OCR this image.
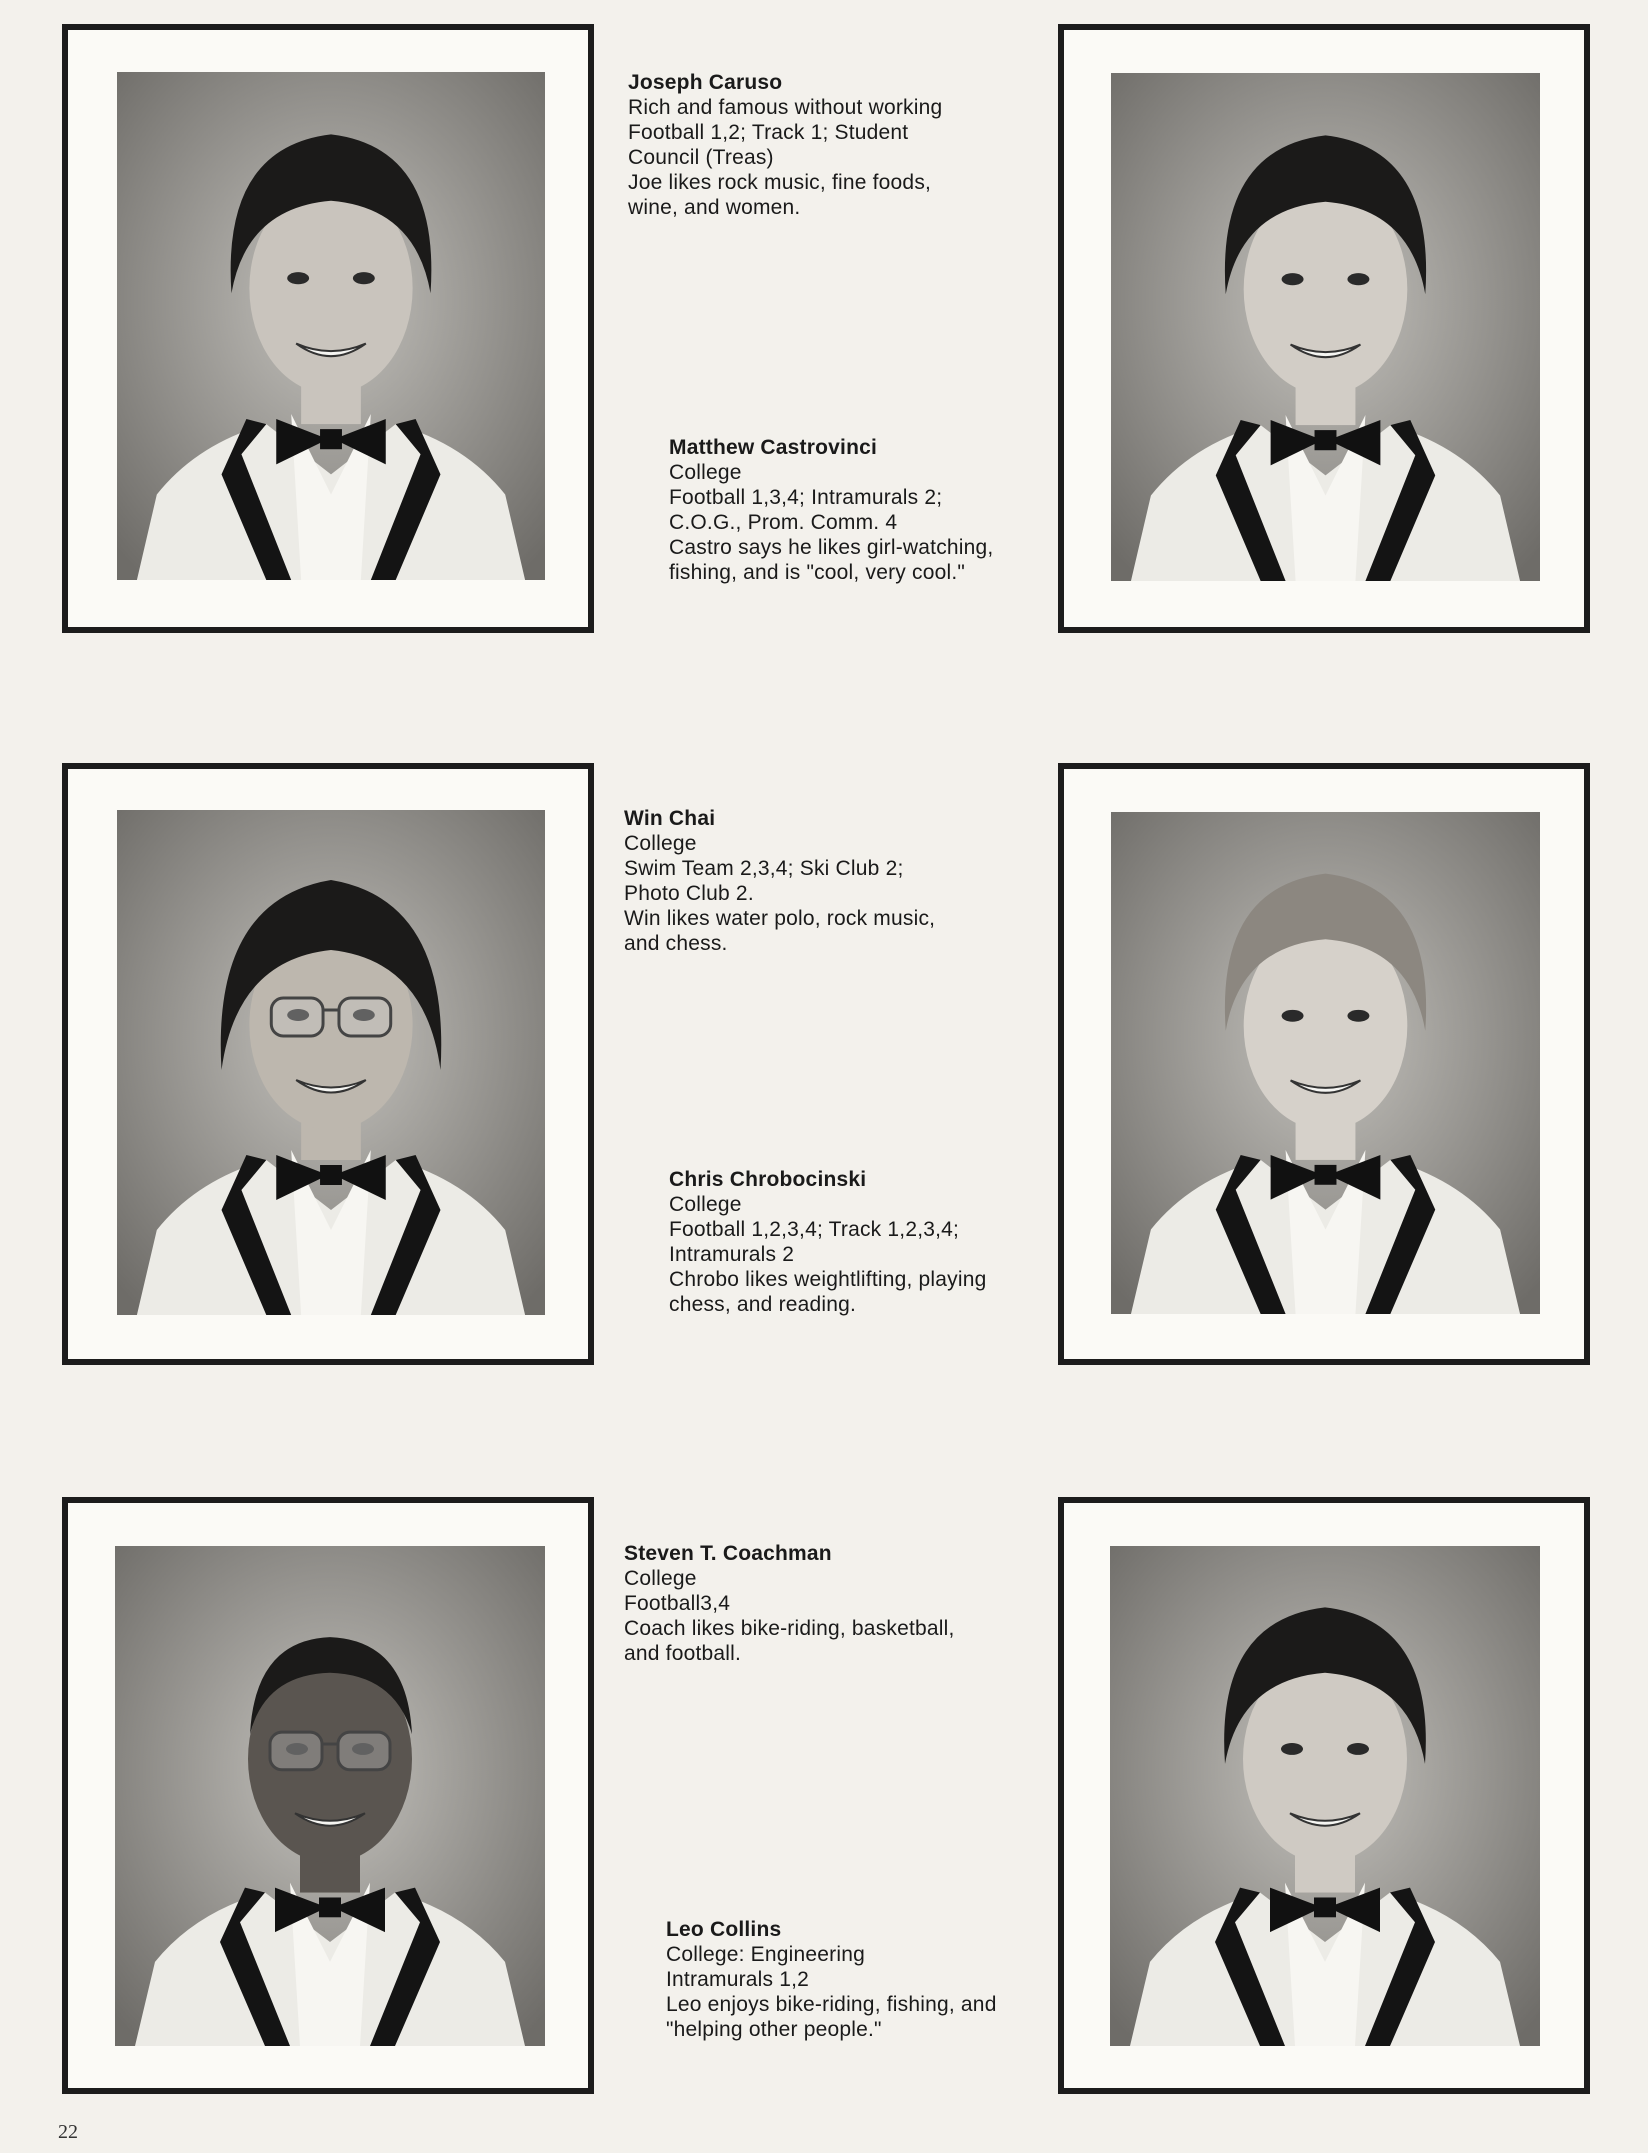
Joseph Caruso
Rich and famous without working
Football 1,2; Track 1; Student
Council (Treas)
Joe likes rock music, fine foods,
wine, and women.
Matthew Castrovinci
College
Football 1,3,4; Intramurals 2;
C.O.G., Prom. Comm. 4
Castro says he likes girl-watching,
fishing, and is "cool, very cool."
Win Chai
College
Swim Team 2,3,4; Ski Club 2;
Photo Club 2.
Win likes water polo, rock music,
and chess.
Chris Chrobocinski
College
Football 1,2,3,4; Track 1,2,3,4;
Intramurals 2
Chrobo likes weightlifting, playing
chess, and reading.
Steven T. Coachman
College
Football3,4
Coach likes bike-riding, basketball,
and football.
Leo Collins
College: Engineering
Intramurals 1,2
Leo enjoys bike-riding, fishing, and
"helping other people."
22
